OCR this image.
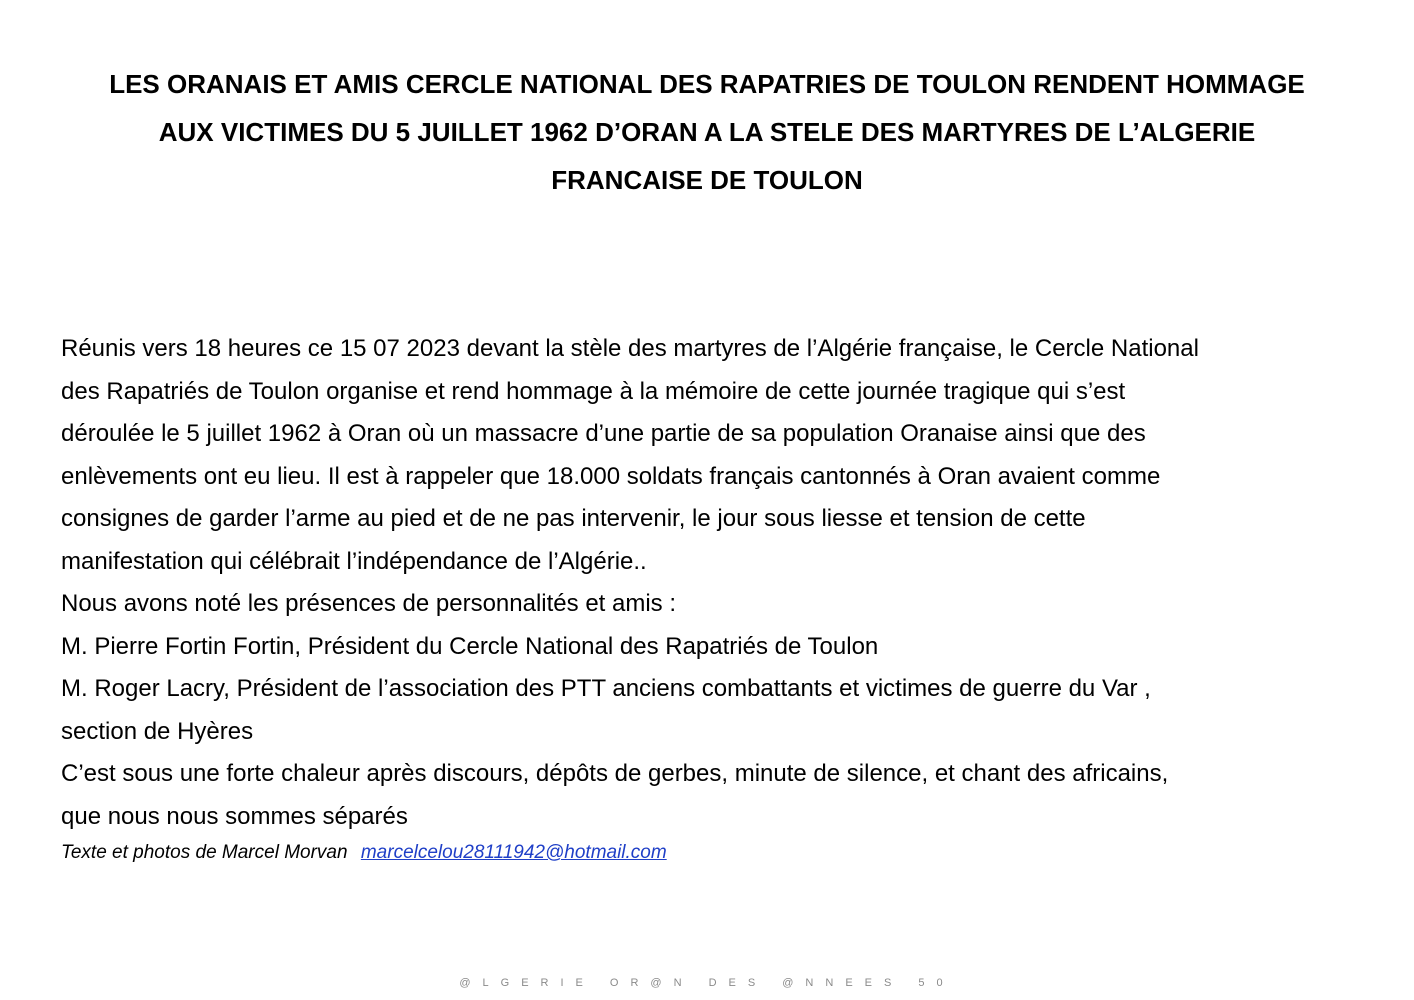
LES ORANAIS ET AMIS CERCLE NATIONAL DES RAPATRIES DE TOULON RENDENT HOMMAGE
AUX VICTIMES DU 5 JUILLET 1962 D’ORAN A LA STELE DES MARTYRES DE L’ALGERIE
FRANCAISE DE TOULON
Réunis vers 18 heures ce 15 07 2023 devant la stèle des martyres de l’Algérie française, le Cercle National
des Rapatriés de Toulon organise et rend hommage à la mémoire de cette journée tragique qui s’est
déroulée le 5 juillet 1962 à Oran où un massacre d’une partie de sa population Oranaise ainsi que des
enlèvements ont eu lieu. Il est à rappeler que 18.000 soldats français cantonnés à Oran avaient comme
consignes de garder l’arme au pied et de ne pas intervenir, le jour sous liesse et tension de cette
manifestation qui célébrait l’indépendance de l’Algérie..
Nous avons noté les présences de personnalités et amis :
M. Pierre Fortin Fortin, Président du Cercle National des Rapatriés de Toulon
M. Roger Lacry, Président de l’association des PTT anciens combattants et victimes de guerre du Var ,
section de Hyères
C’est sous une forte chaleur après discours, dépôts de gerbes, minute de silence, et chant des africains,
que nous nous sommes séparés
Texte et photos de Marcel Morvan marcelcelou28111942@hotmail.com
@LGERIE OR@N DES @NNEES 50
